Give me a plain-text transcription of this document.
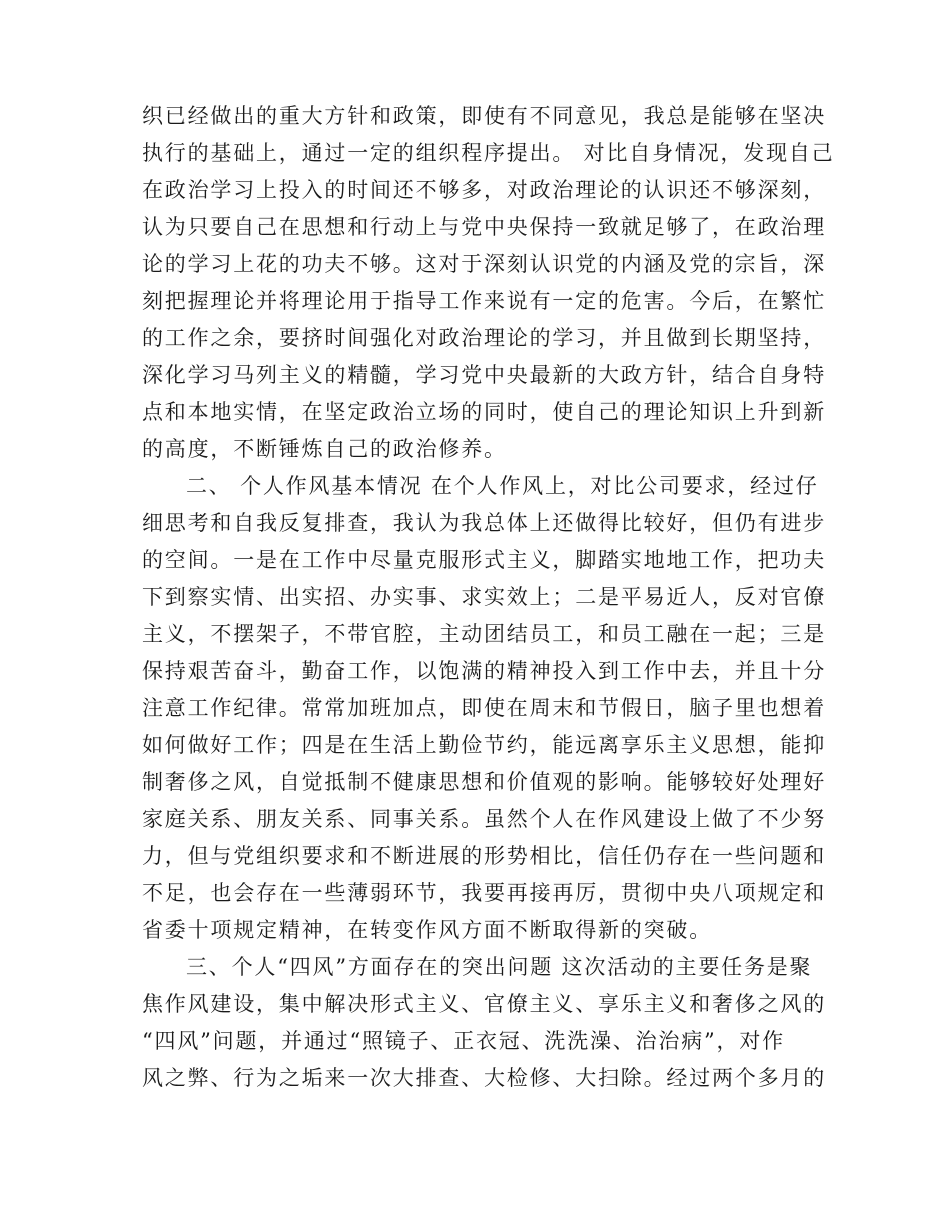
织已经做出的重大方针和政策，即使有不同意见，我总是能够在坚决
执行的基础上，通过一定的组织程序提出。 对比自身情况，发现自己
在政治学习上投入的时间还不够多，对政治理论的认识还不够深刻，
认为只要自己在思想和行动上与党中央保持一致就足够了，在政治理
论的学习上花的功夫不够。这对于深刻认识党的内涵及党的宗旨，深
刻把握理论并将理论用于指导工作来说有一定的危害。今后，在繁忙
的工作之余，要挤时间强化对政治理论的学习，并且做到长期坚持，
深化学习马列主义的精髓，学习党中央最新的大政方针，结合自身特
点和本地实情，在坚定政治立场的同时，使自己的理论知识上升到新
的高度，不断锤炼自己的政治修养。
二、 个人作风基本情况 在个人作风上，对比公司要求，经过仔
细思考和自我反复排查，我认为我总体上还做得比较好，但仍有进步
的空间。一是在工作中尽量克服形式主义，脚踏实地地工作，把功夫
下到察实情、出实招、办实事、求实效上；二是平易近人，反对官僚
主义，不摆架子，不带官腔，主动团结员工，和员工融在一起；三是
保持艰苦奋斗，勤奋工作，以饱满的精神投入到工作中去，并且十分
注意工作纪律。常常加班加点，即使在周末和节假日，脑子里也想着
如何做好工作；四是在生活上勤俭节约，能远离享乐主义思想，能抑
制奢侈之风，自觉抵制不健康思想和价值观的影响。能够较好处理好
家庭关系、朋友关系、同事关系。虽然个人在作风建设上做了不少努
力，但与党组织要求和不断进展的形势相比，信任仍存在一些问题和
不足，也会存在一些薄弱环节，我要再接再厉，贯彻中央八项规定和
省委十项规定精神，在转变作风方面不断取得新的突破。
三、个人“四风”方面存在的突出问题 这次活动的主要任务是聚
焦作风建设，集中解决形式主义、官僚主义、享乐主义和奢侈之风的
“四风”问题，并通过“照镜子、正衣冠、洗洗澡、治治病”，对作
风之弊、行为之垢来一次大排查、大检修、大扫除。经过两个多月的
